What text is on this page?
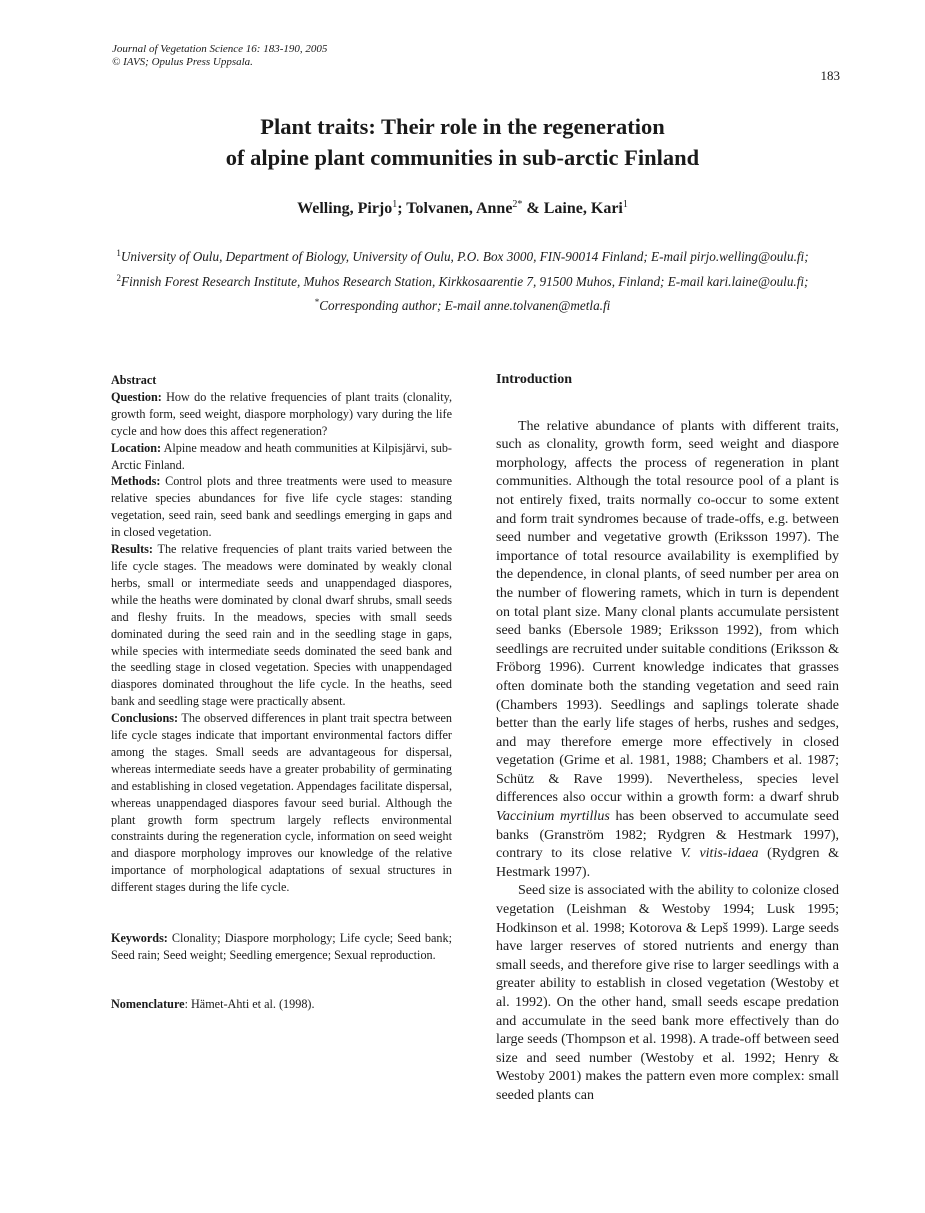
Journal of Vegetation Science 16: 183-190, 2005
© IAVS; Opulus Press Uppsala.
183
Plant traits: Their role in the regeneration
of alpine plant communities in sub-arctic Finland
Welling, Pirjo$^1$; Tolvanen, Anne$^{2*}$ & Laine, Kari$^1$
$^1$University of Oulu, Department of Biology, University of Oulu, P.O. Box 3000, FIN-90014 Finland; E-mail pirjo.welling@oulu.fi; $^2$Finnish Forest Research Institute, Muhos Research Station, Kirkkosaarentie 7, 91500 Muhos, Finland; E-mail kari.laine@oulu.fi; *Corresponding author; E-mail anne.tolvanen@metla.fi

Abstract

Question: How do the relative frequencies of plant traits (clonality, growth form, seed weight, diaspore morphology) vary during the life cycle and how does this affect regeneration?

Location: Alpine meadow and heath communities at Kilpisjärvi, sub-Arctic Finland.

Methods: Control plots and three treatments were used to measure relative species abundances for five life cycle stages: standing vegetation, seed rain, seed bank and seedlings emerging in gaps and in closed vegetation.

Results: The relative frequencies of plant traits varied between the life cycle stages. The meadows were dominated by weakly clonal herbs, small or intermediate seeds and unappendaged diaspores, while the heaths were dominated by clonal dwarf shrubs, small seeds and fleshy fruits. In the meadows, species with small seeds dominated during the seed rain and in the seedling stage in gaps, while species with intermediate seeds dominated the seed bank and the seedling stage in closed vegetation. Species with unappendaged diaspores dominated throughout the life cycle. In the heaths, seed bank and seedling stage were practically absent.

Conclusions: The observed differences in plant trait spectra between life cycle stages indicate that important environmental factors differ among the stages. Small seeds are advantageous for dispersal, whereas intermediate seeds have a greater probability of germinating and establishing in closed vegetation. Appendages facilitate dispersal, whereas unappendaged diaspores favour seed burial. Although the plant growth form spectrum largely reflects environmental constraints during the regeneration cycle, information on seed weight and diaspore morphology improves our knowledge of the relative importance of morphological adaptations of sexual structures in different stages during the life cycle.

Keywords: Clonality; Diaspore morphology; Life cycle; Seed bank; Seed rain; Seed weight; Seedling emergence; Sexual reproduction.

Nomenclature: Hämet-Ahti et al. (1998).

Introduction

The relative abundance of plants with different traits, such as clonality, growth form, seed weight and diaspore morphology, affects the process of regeneration in plant communities. Although the total resource pool of a plant is not entirely fixed, traits normally co-occur to some extent and form trait syndromes because of trade-offs, e.g. between seed number and vegetative growth (Eriksson 1997). The importance of total resource availability is exemplified by the dependence, in clonal plants, of seed number per area on the number of flowering ramets, which in turn is dependent on total plant size. Many clonal plants accumulate persistent seed banks (Ebersole 1989; Eriksson 1992), from which seedlings are recruited under suitable conditions (Eriksson & Fröborg 1996). Current knowledge indicates that grasses often dominate both the standing vegetation and seed rain (Chambers 1993). Seedlings and saplings tolerate shade better than the early life stages of herbs, rushes and sedges, and may therefore emerge more effectively in closed vegetation (Grime et al. 1981, 1988; Chambers et al. 1987; Schütz & Rave 1999). Nevertheless, species level differences also occur within a growth form: a dwarf shrub Vaccinium myrtillus has been observed to accumulate seed banks (Granström 1982; Rydgren & Hestmark 1997), contrary to its close relative V. vitis-idaea (Rydgren & Hestmark 1997).

Seed size is associated with the ability to colonize closed vegetation (Leishman & Westoby 1994; Lusk 1995; Hodkinson et al. 1998; Kotorova & Lepš 1999). Large seeds have larger reserves of stored nutrients and energy than small seeds, and therefore give rise to larger seedlings with a greater ability to establish in closed vegetation (Westoby et al. 1992). On the other hand, small seeds escape predation and accumulate in the seed bank more effectively than do large seeds (Thompson et al. 1998). A trade-off between seed size and seed number (Westoby et al. 1992; Henry & Westoby 2001) makes the pattern even more complex: small seeded plants can
